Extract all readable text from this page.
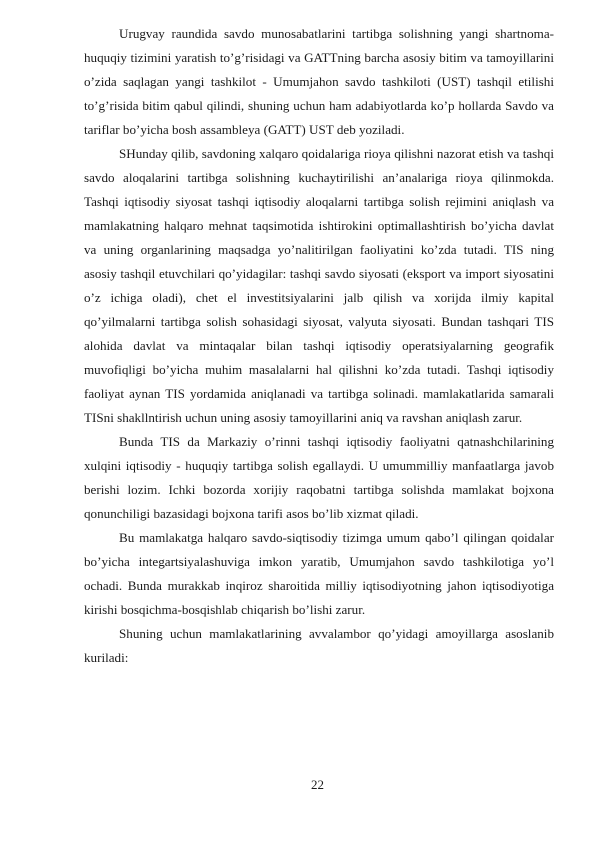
Urugvay raundida savdo munosabatlarini tartibga solishning yangi shartnoma-huquqiy tizimini yaratish to’g’risidagi va GATTning barcha asosiy bitim va tamoyillarini o’zida saqlagan yangi tashkilot - Umumjahon savdo tashkiloti (UST) tashqil etilishi to’g’risida bitim qabul qilindi, shuning uchun ham adabiyotlarda ko’p hollarda Savdo va tariflar bo’yicha bosh assambleya (GATT) UST deb yoziladi.

SHunday qilib, savdoning xalqaro qoidalariga rioya qilishni nazorat etish va tashqi savdo aloqalarini tartibga solishning kuchaytirilishi an’analariga rioya qilinmokda. Tashqi iqtisodiy siyosat tashqi iqtisodiy aloqalarni tartibga solish rejimini aniqlash va mamlakatning halqaro mehnat taqsimotida ishtirokini optimallashtirish bo’yicha davlat va uning organlarining maqsadga yo’nalitirilgan faoliyatini ko’zda tutadi. TIS ning asosiy tashqil etuvchilari qo’yidagilar: tashqi savdo siyosati (eksport va import siyosatini o’z ichiga oladi), chet el investitsiyalarini jalb qilish va xorijda ilmiy kapital qo’yilmalarni tartibga solish sohasidagi siyosat, valyuta siyosati. Bundan tashqari TIS alohida davlat va mintaqalar bilan tashqi iqtisodiy operatsiyalarning geografik muvofiqligi bo’yicha muhim masalalarni hal qilishni ko’zda tutadi. Tashqi iqtisodiy faoliyat aynan TIS yordamida aniqlanadi va tartibga solinadi. mamlakatlarida samarali TISni shakllntirish uchun uning asosiy tamoyillarini aniq va ravshan aniqlash zarur.

Bunda TIS da Markaziy o’rinni tashqi iqtisodiy faoliyatni qatnashchilarining xulqini iqtisodiy - huquqiy tartibga solish egallaydi. U umummilliy manfaatlarga javob berishi lozim. Ichki bozorda xorijiy raqobatni tartibga solishda mamlakat bojxona qonunchiligi bazasidagi bojxona tarifi asos bo’lib xizmat qiladi.

Bu mamlakatga halqaro savdo-siqtisodiy tizimga umum qabo’l qilingan qoidalar bo’yicha integartsiyalashuviga imkon yaratib, Umumjahon savdo tashkilotiga yo’l ochadi. Bunda murakkab inqiroz sharoitida milliy iqtisodiyotning jahon iqtisodiyotiga kirishi bosqichma-bosqishlab chiqarish bo’lishi zarur.

Shuning uchun mamlakatlarining avvalambor qo’yidagi amoyillarga asoslanib kuriladi:

22
